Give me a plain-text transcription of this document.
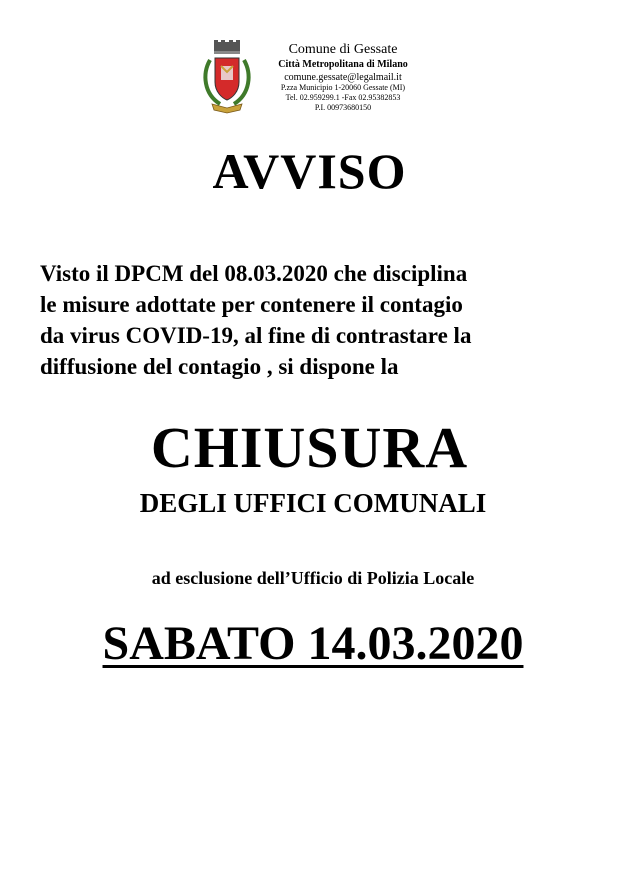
Comune di Gessate
Città Metropolitana di Milano
comune.gessate@legalmail.it
P.zza Municipio 1-20060 Gessate (MI)
Tel. 02.959299.1 -Fax 02.95382853
P.I. 00973680150
AVVISO
Visto il DPCM del 08.03.2020 che disciplina
le misure adottate per contenere il contagio
da virus COVID-19, al fine di contrastare la
diffusione del contagio , si dispone la
CHIUSURA
DEGLI UFFICI COMUNALI
ad esclusione dell’Ufficio di Polizia Locale
SABATO 14.03.2020
